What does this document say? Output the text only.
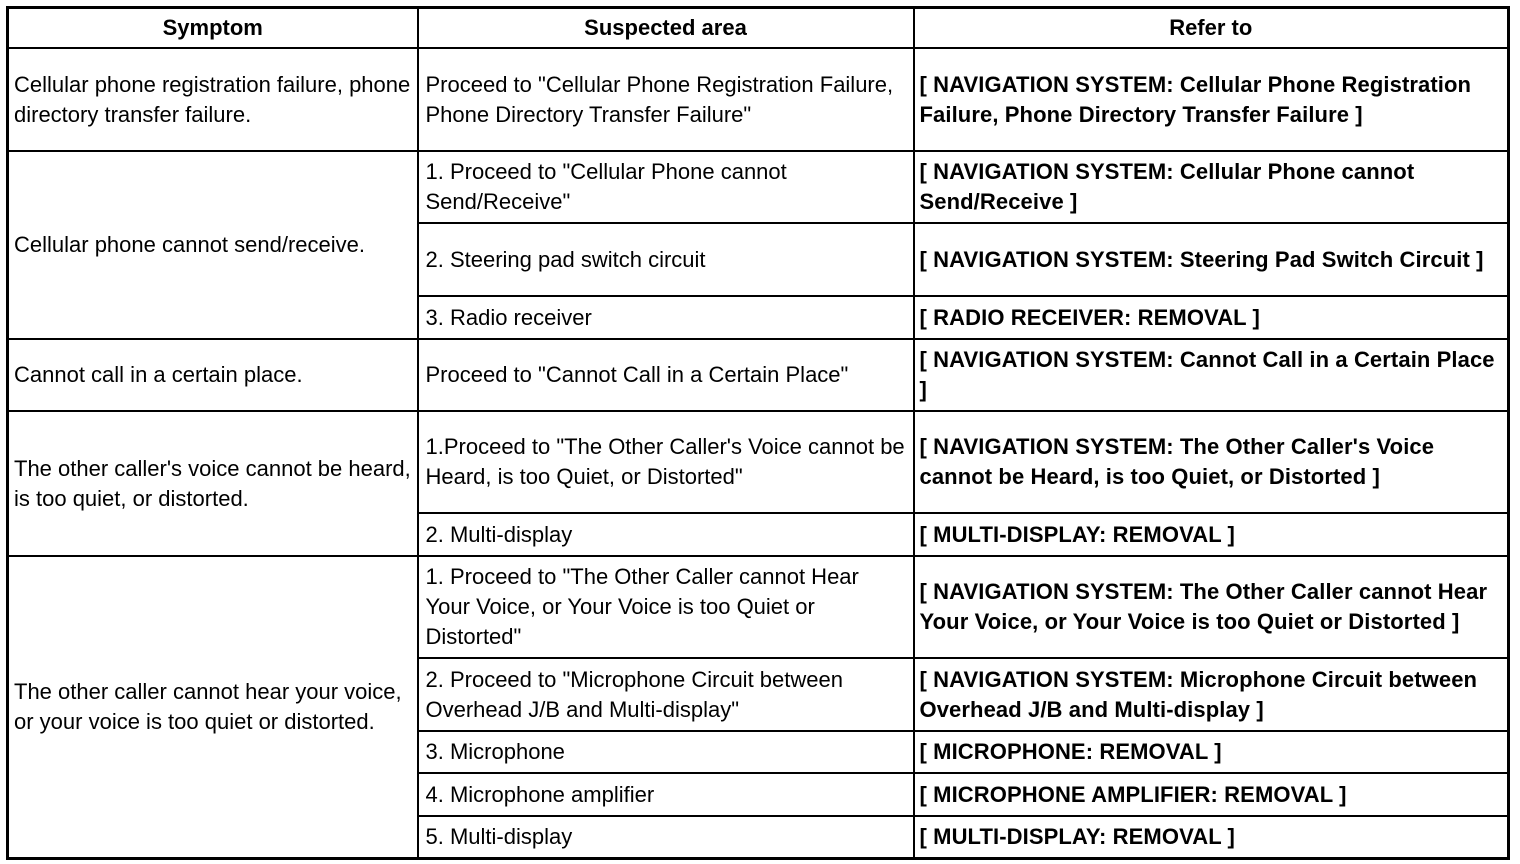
Symptom	Suspected area	Refer to
Cellular phone registration failure, phone directory transfer failure.	Proceed to "Cellular Phone Registration Failure, Phone Directory Transfer Failure"	[ NAVIGATION SYSTEM: Cellular Phone Registration Failure, Phone Directory Transfer Failure ]
Cellular phone cannot send/receive.	1. Proceed to "Cellular Phone cannot Send/Receive"	[ NAVIGATION SYSTEM: Cellular Phone cannot Send/Receive ]
	2. Steering pad switch circuit	[ NAVIGATION SYSTEM: Steering Pad Switch Circuit ]
	3. Radio receiver	[ RADIO RECEIVER: REMOVAL ]
Cannot call in a certain place.	Proceed to "Cannot Call in a Certain Place"	[ NAVIGATION SYSTEM: Cannot Call in a Certain Place ]
The other caller's voice cannot be heard, is too quiet, or distorted.	1.Proceed to "The Other Caller's Voice cannot be Heard, is too Quiet, or Distorted"	[ NAVIGATION SYSTEM: The Other Caller's Voice cannot be Heard, is too Quiet, or Distorted ]
	2. Multi-display	[ MULTI-DISPLAY: REMOVAL ]
The other caller cannot hear your voice, or your voice is too quiet or distorted.	1. Proceed to "The Other Caller cannot Hear Your Voice, or Your Voice is too Quiet or Distorted"	[ NAVIGATION SYSTEM: The Other Caller cannot Hear Your Voice, or Your Voice is too Quiet or Distorted ]
	2. Proceed to "Microphone Circuit between Overhead J/B and Multi-display"	[ NAVIGATION SYSTEM: Microphone Circuit between Overhead J/B and Multi-display ]
	3. Microphone	[ MICROPHONE: REMOVAL ]
	4. Microphone amplifier	[ MICROPHONE AMPLIFIER: REMOVAL ]
	5. Multi-display	[ MULTI-DISPLAY: REMOVAL ]
